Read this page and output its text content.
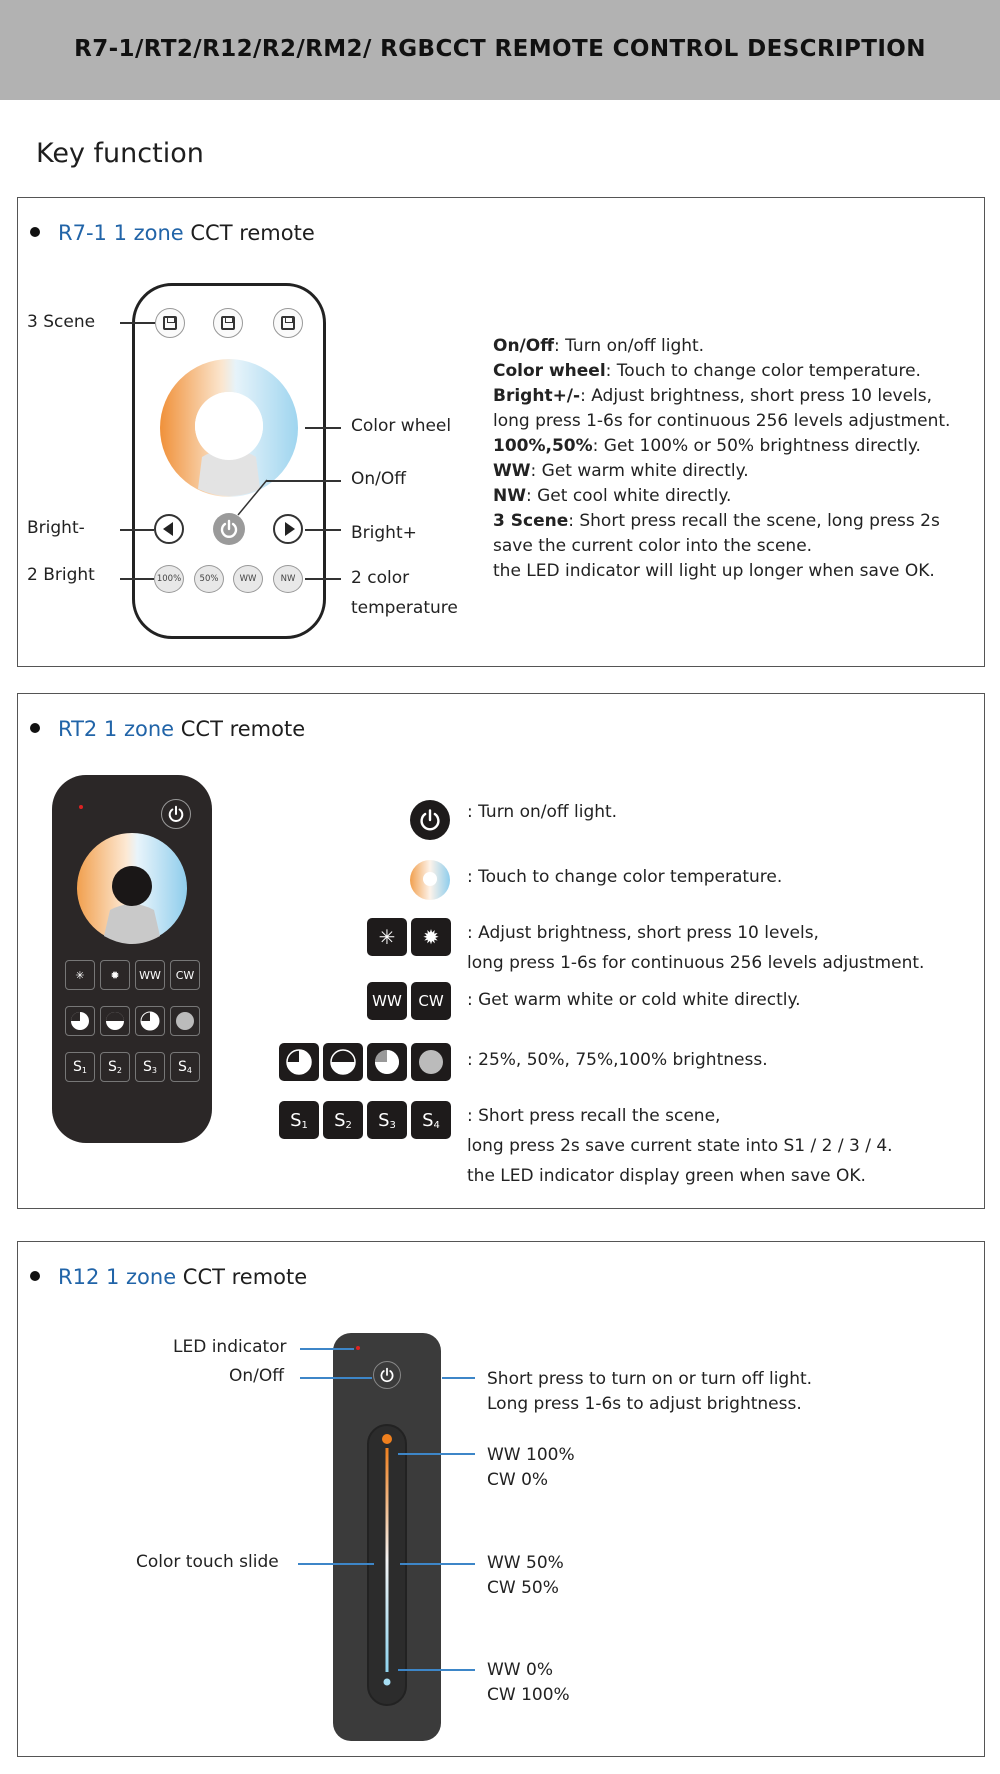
R7-1/RT2/R12/R2/RM2/ RGBCCT REMOTE CONTROL DESCRIPTION
Key function
R7-1 1 zone CCT remote
100%	50%	WW	NW
3 Scene
Color wheel
On/Off
Bright-	Bright+
2 Bright	2 color
temperature
On/Off: Turn on/off light.
Color wheel: Touch to change color temperature.
Bright+/-: Adjust brightness, short press 10 levels,
long press 1-6s for continuous 256 levels adjustment.
100%,50%: Get 100% or 50% brightness directly.
WW: Get warm white directly.
NW: Get cool white directly.
3 Scene: Short press recall the scene, long press 2s
save the current color into the scene.
the LED indicator will light up longer when save OK.
RT2 1 zone CCT remote
✳	✹	WW	CW
$S_1$ $S_2$ $S_3$ $S_4$
✳	✹
WW	CW
$S_1$ $S_2$ $S_3$ $S_4$
: Turn on/off light.
: Touch to change color temperature.
: Adjust brightness, short press 10 levels,
long press 1-6s for continuous 256 levels adjustment.
: Get warm white or cold white directly.
: 25%, 50%, 75%,100% brightness.
: Short press recall the scene,
long press 2s save current state into S1 / 2 / 3 / 4.
the LED indicator display green when save OK.
R12 1 zone CCT remote
LED indicator
On/Off
Color touch slide
Short press to turn on or turn off light.
Long press 1-6s to adjust brightness.
WW 100%
CW 0%
WW 50%
CW 50%
WW 0%
CW 100%
